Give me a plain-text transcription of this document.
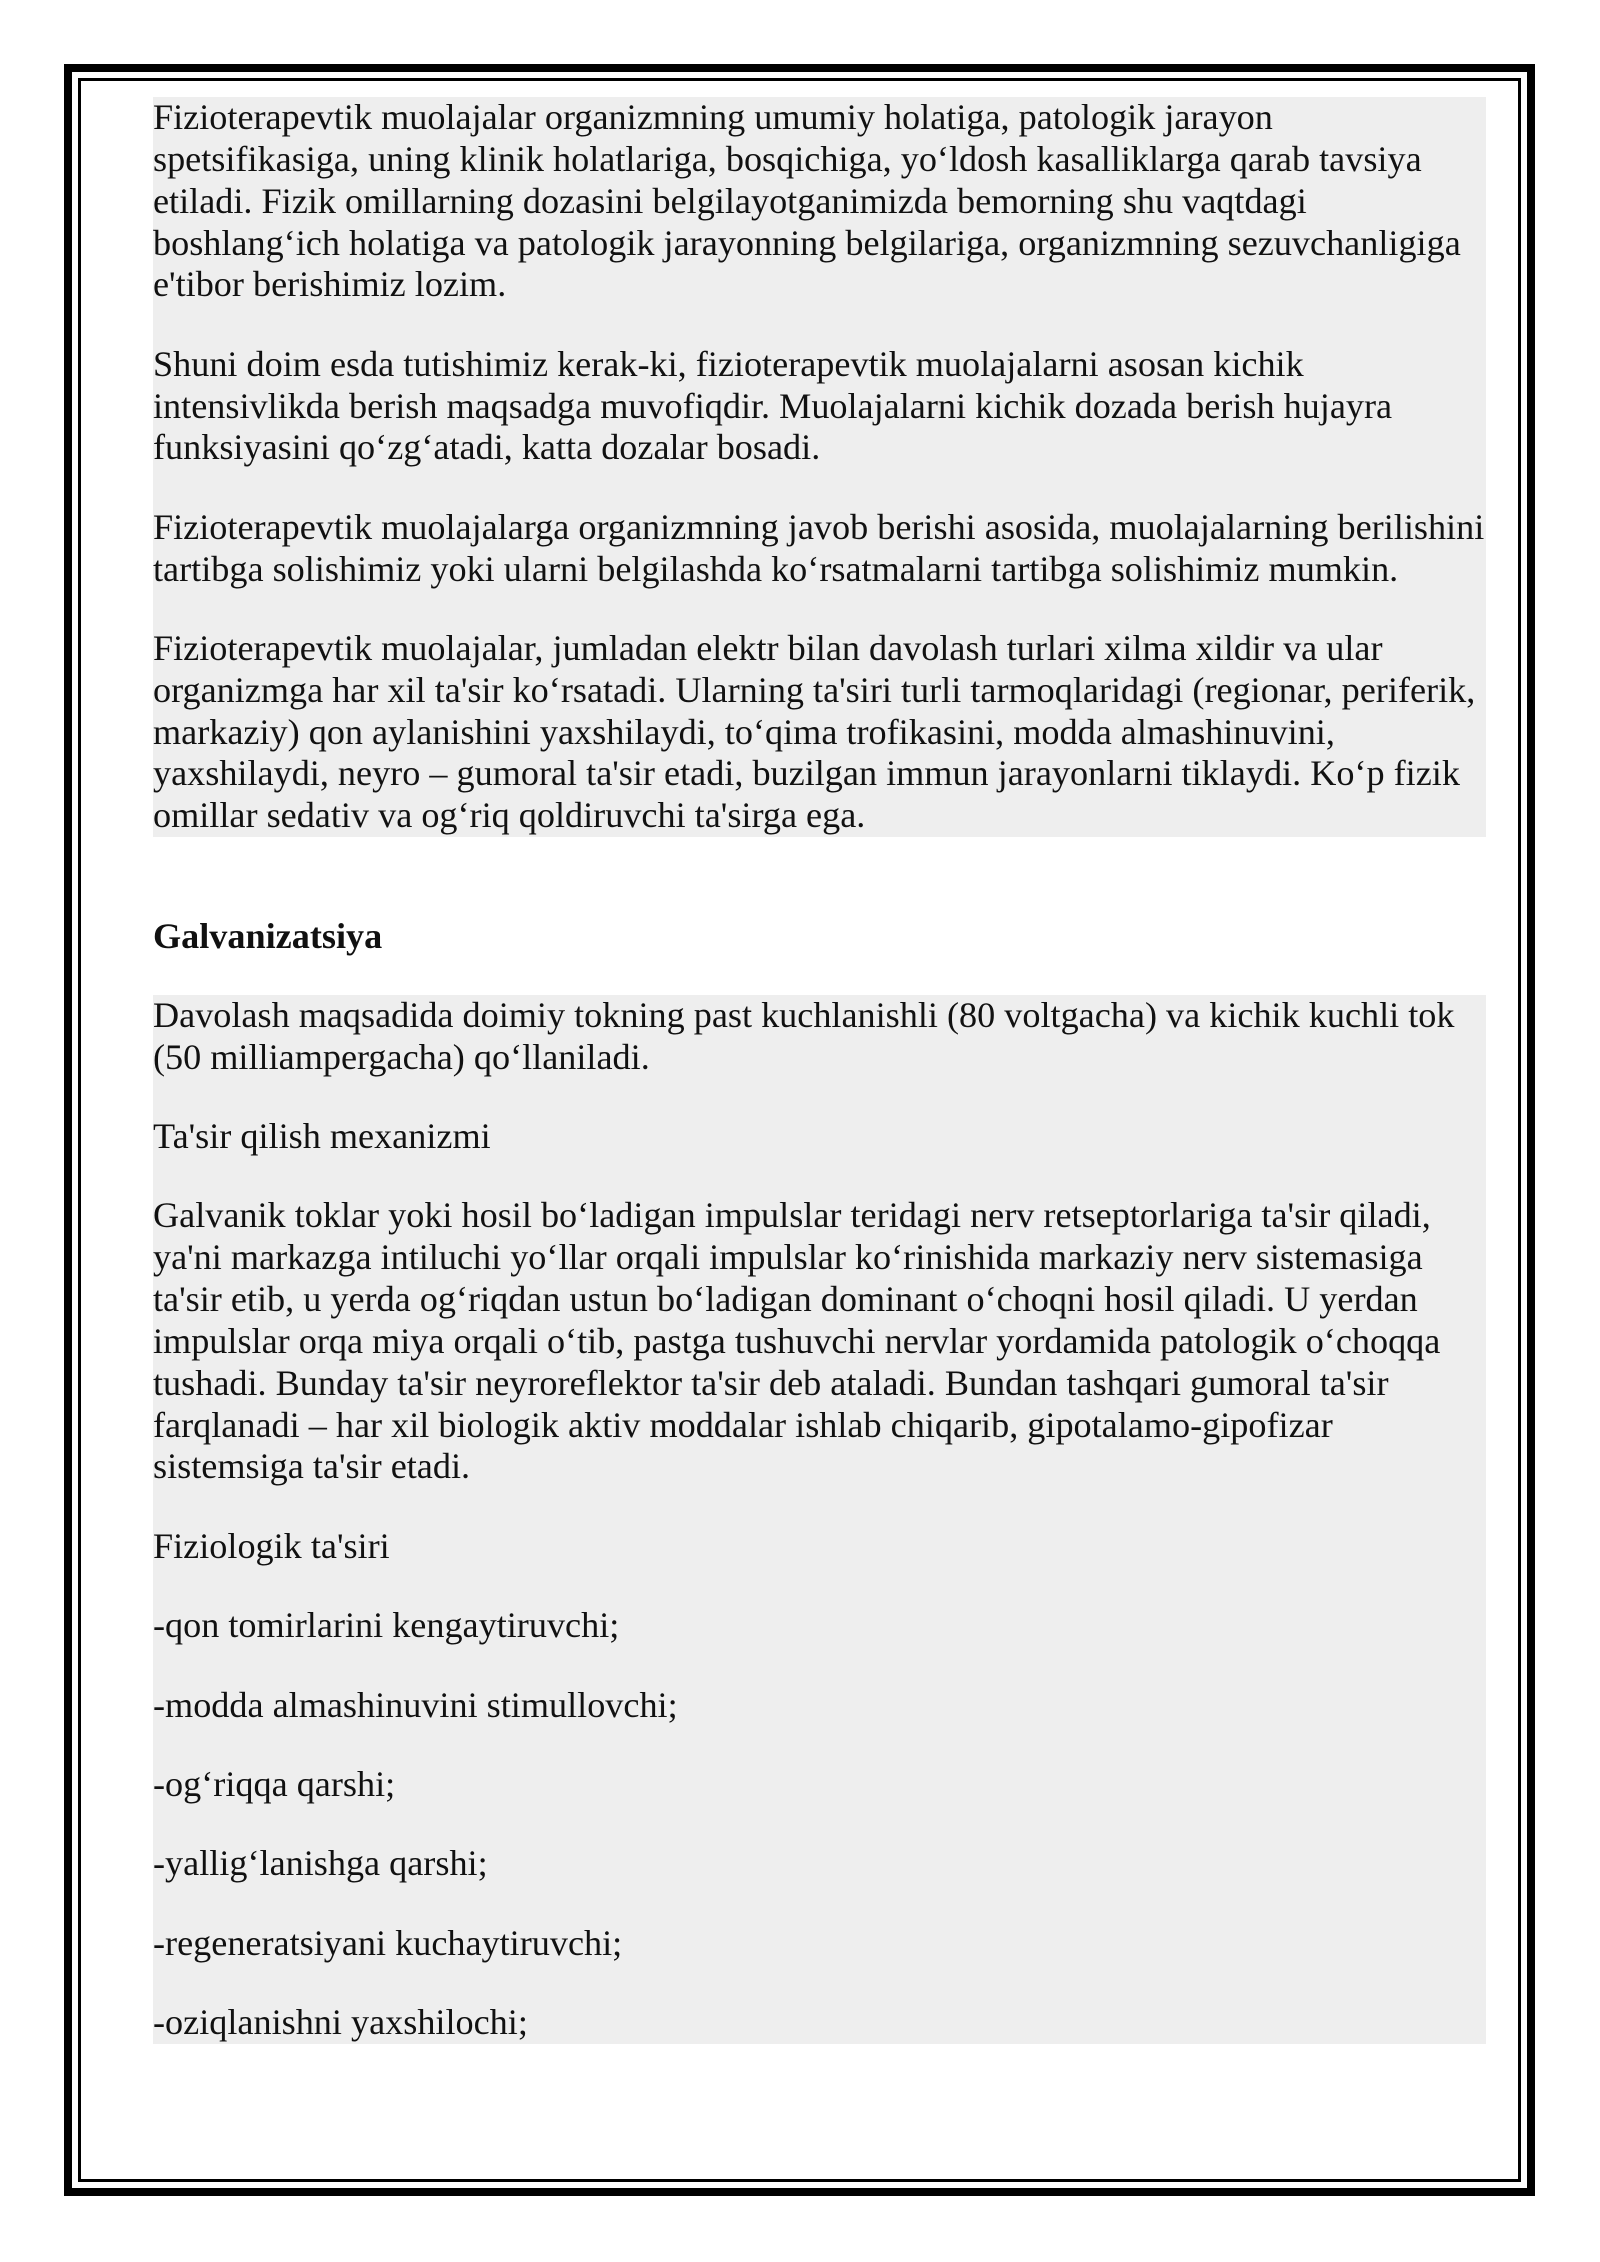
Fizioterapevtik muolajalar organizmning umumiy holatiga, patologik jarayon spetsifikasiga, uning klinik holatlariga, bosqichiga, yo‘ldosh kasalliklarga qarab tavsiya etiladi. Fizik omillarning dozasini belgilayotganimizda bemorning shu vaqtdagi boshlang‘ich holatiga va patologik jarayonning belgilariga, organizmning sezuvchanligiga e'tibor berishimiz lozim.

Shuni doim esda tutishimiz kerak-ki, fizioterapevtik muolajalarni asosan kichik intensivlikda berish maqsadga muvofiqdir. Muolajalarni kichik dozada berish hujayra funksiyasini qo‘zg‘atadi, katta dozalar bosadi.

Fizioterapevtik muolajalarga organizmning javob berishi asosida, muolajalarning berilishini tartibga solishimiz yoki ularni belgilashda ko‘rsatmalarni tartibga solishimiz mumkin.

Fizioterapevtik muolajalar, jumladan elektr bilan davolash turlari xilma xildir va ular organizmga har xil ta'sir ko‘rsatadi. Ularning ta'siri turli tarmoqlaridagi (regionar, periferik, markaziy) qon aylanishini yaxshilaydi, to‘qima trofikasini, modda almashinuvini, yaxshilaydi, neyro – gumoral ta'sir etadi, buzilgan immun jarayonlarni tiklaydi. Ko‘p fizik omillar sedativ va og‘riq qoldiruvchi ta'sirga ega.

Galvanizatsiya

Davolash maqsadida doimiy tokning past kuchlanishli (80 voltgacha) va kichik kuchli tok (50 milliampergacha) qo‘llaniladi.

Ta'sir qilish mexanizmi

Galvanik toklar yoki hosil bo‘ladigan impulslar teridagi nerv retseptorlariga ta'sir qiladi, ya'ni markazga intiluchi yo‘llar orqali impulslar ko‘rinishida markaziy nerv sistemasiga ta'sir etib, u yerda og‘riqdan ustun bo‘ladigan dominant o‘choqni hosil qiladi. U yerdan impulslar orqa miya orqali o‘tib, pastga tushuvchi nervlar yordamida patologik o‘choqqa tushadi. Bunday ta'sir neyroreflektor ta'sir deb ataladi. Bundan tashqari gumoral ta'sir farqlanadi – har xil biologik aktiv moddalar ishlab chiqarib, gipotalamo-gipofizar sistemsiga ta'sir etadi.

Fiziologik ta'siri

-qon tomirlarini kengaytiruvchi;

-modda almashinuvini stimullovchi;

-og‘riqqa qarshi;

-yallig‘lanishga qarshi;

-regeneratsiyani kuchaytiruvchi;

-oziqlanishni yaxshilochi;
